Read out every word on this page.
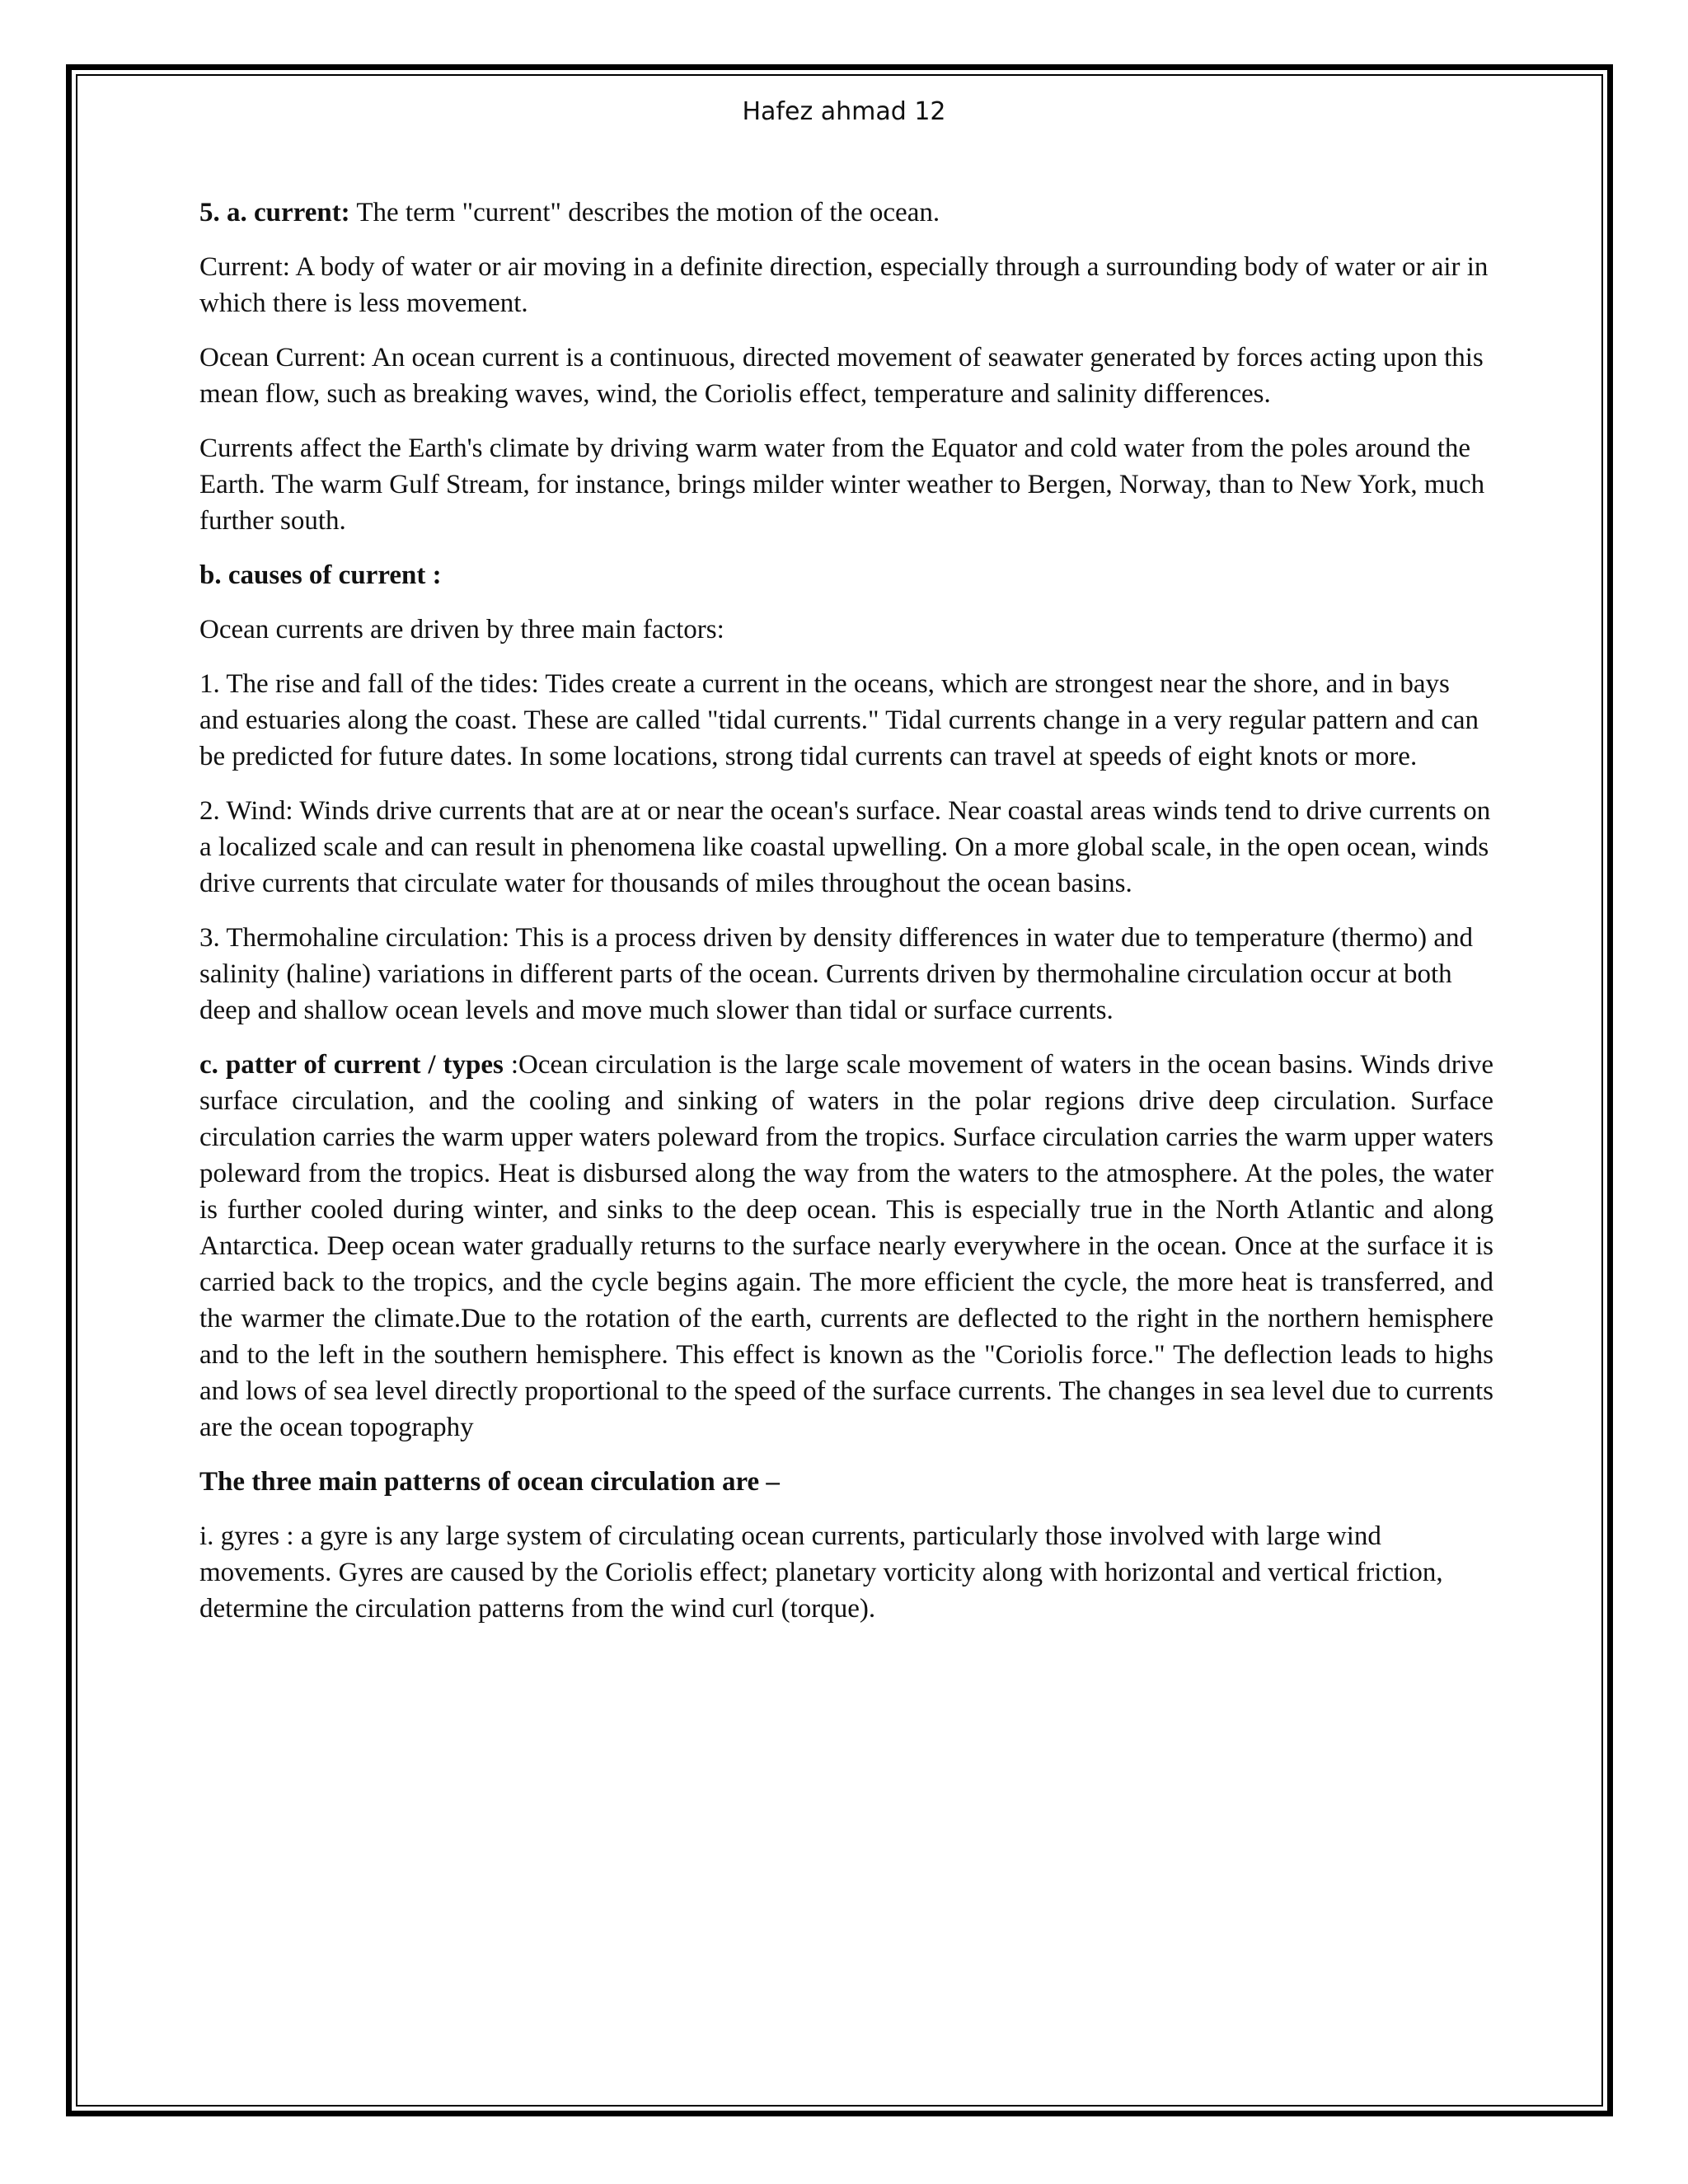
Hafez ahmad 12

5. a. current: The term "current" describes the motion of the ocean.

Current: A body of water or air moving in a definite direction, especially through a surrounding body of water or air in which there is less movement.

Ocean Current: An ocean current is a continuous, directed movement of seawater generated by forces acting upon this mean flow, such as breaking waves, wind, the Coriolis effect, temperature and salinity differences.

Currents affect the Earth's climate by driving warm water from the Equator and cold water from the poles around the Earth. The warm Gulf Stream, for instance, brings milder winter weather to Bergen, Norway, than to New York, much further south.

b. causes of current :

Ocean currents are driven by three main factors:

1. The rise and fall of the tides: Tides create a current in the oceans, which are strongest near the shore, and in bays and estuaries along the coast. These are called "tidal currents." Tidal currents change in a very regular pattern and can be predicted for future dates. In some locations, strong tidal currents can travel at speeds of eight knots or more.

2. Wind: Winds drive currents that are at or near the ocean's surface. Near coastal areas winds tend to drive currents on a localized scale and can result in phenomena like coastal upwelling. On a more global scale, in the open ocean, winds drive currents that circulate water for thousands of miles throughout the ocean basins.

3. Thermohaline circulation: This is a process driven by density differences in water due to temperature (thermo) and salinity (haline) variations in different parts of the ocean. Currents driven by thermohaline circulation occur at both deep and shallow ocean levels and move much slower than tidal or surface currents.

c. patter of current / types :Ocean circulation is the large scale movement of waters in the ocean basins. Winds drive surface circulation, and the cooling and sinking of waters in the polar regions drive deep circulation. Surface circulation carries the warm upper waters poleward from the tropics. Surface circulation carries the warm upper waters poleward from the tropics. Heat is disbursed along the way from the waters to the atmosphere. At the poles, the water is further cooled during winter, and sinks to the deep ocean. This is especially true in the North Atlantic and along Antarctica. Deep ocean water gradually returns to the surface nearly everywhere in the ocean. Once at the surface it is carried back to the tropics, and the cycle begins again. The more efficient the cycle, the more heat is transferred, and the warmer the climate.Due to the rotation of the earth, currents are deflected to the right in the northern hemisphere and to the left in the southern hemisphere. This effect is known as the "Coriolis force." The deflection leads to highs and lows of sea level directly proportional to the speed of the surface currents. The changes in sea level due to currents are the ocean topography

The three main patterns of ocean circulation are –

i. gyres : a gyre is any large system of circulating ocean currents, particularly those involved with large wind movements. Gyres are caused by the Coriolis effect; planetary vorticity along with horizontal and vertical friction, determine the circulation patterns from the wind curl (torque).
